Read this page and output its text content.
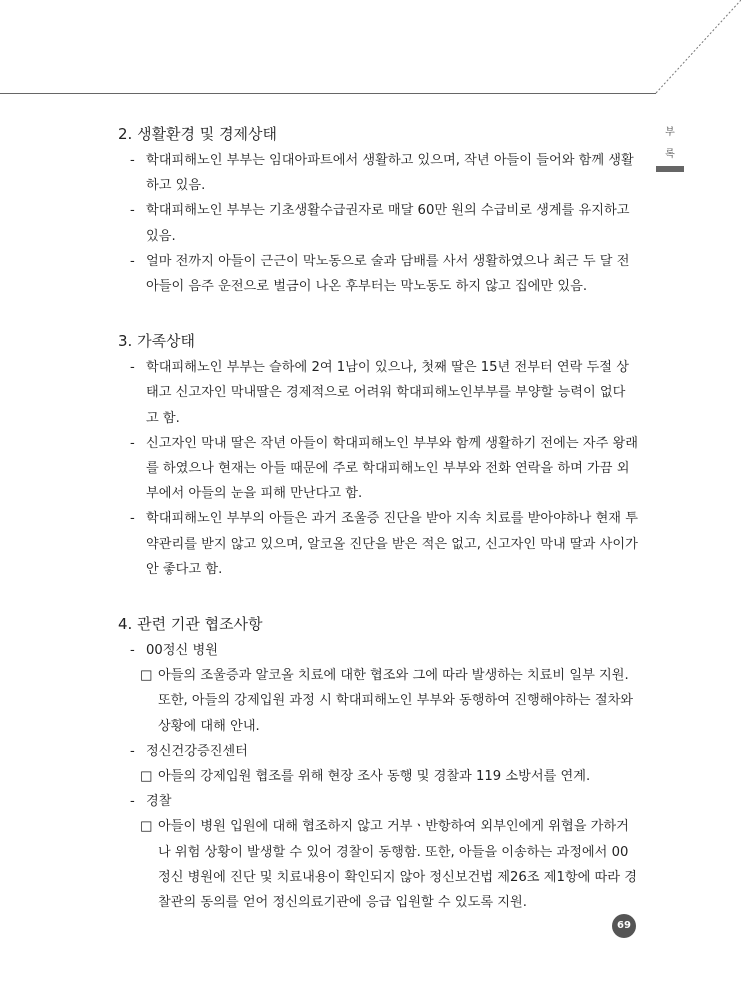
부
록
2. 생활환경 및 경제상태
- 학대피해노인 부부는 임대아파트에서 생활하고 있으며, 작년 아들이 들어와 함께 생활하고 있음.
- 학대피해노인 부부는 기초생활수급권자로 매달 60만 원의 수급비로 생계를 유지하고 있음.
- 얼마 전까지 아들이 근근이 막노동으로 술과 담배를 사서 생활하였으나 최근 두 달 전 아들이 음주 운전으로 벌금이 나온 후부터는 막노동도 하지 않고 집에만 있음.
3. 가족상태
- 학대피해노인 부부는 슬하에 2여 1남이 있으나, 첫째 딸은 15년 전부터 연락 두절 상태고 신고자인 막내딸은 경제적으로 어려워 학대피해노인부부를 부양할 능력이 없다고 함.
- 신고자인 막내 딸은 작년 아들이 학대피해노인 부부와 함께 생활하기 전에는 자주 왕래를 하였으나 현재는 아들 때문에 주로 학대피해노인 부부와 전화 연락을 하며 가끔 외부에서 아들의 눈을 피해 만난다고 함.
- 학대피해노인 부부의 아들은 과거 조울증 진단을 받아 지속 치료를 받아야하나 현재 투약관리를 받지 않고 있으며, 알코올 진단을 받은 적은 없고, 신고자인 막내 딸과 사이가 안 좋다고 함.
4. 관련 기관 협조사항
- 00정신 병원
□ 아들의 조울증과 알코올 치료에 대한 협조와 그에 따라 발생하는 치료비 일부 지원. 또한, 아들의 강제입원 과정 시 학대피해노인 부부와 동행하여 진행해야하는 절차와 상황에 대해 안내.
- 정신건강증진센터
□ 아들의 강제입원 협조를 위해 현장 조사 동행 및 경찰과 119 소방서를 연계.
- 경찰
□ 아들이 병원 입원에 대해 협조하지 않고 거부ㆍ반항하여 외부인에게 위협을 가하거나 위험 상황이 발생할 수 있어 경찰이 동행함. 또한, 아들을 이송하는 과정에서 00정신 병원에 진단 및 치료내용이 확인되지 않아 정신보건법 제26조 제1항에 따라 경찰관의 동의를 얻어 정신의료기관에 응급 입원할 수 있도록 지원.
69
